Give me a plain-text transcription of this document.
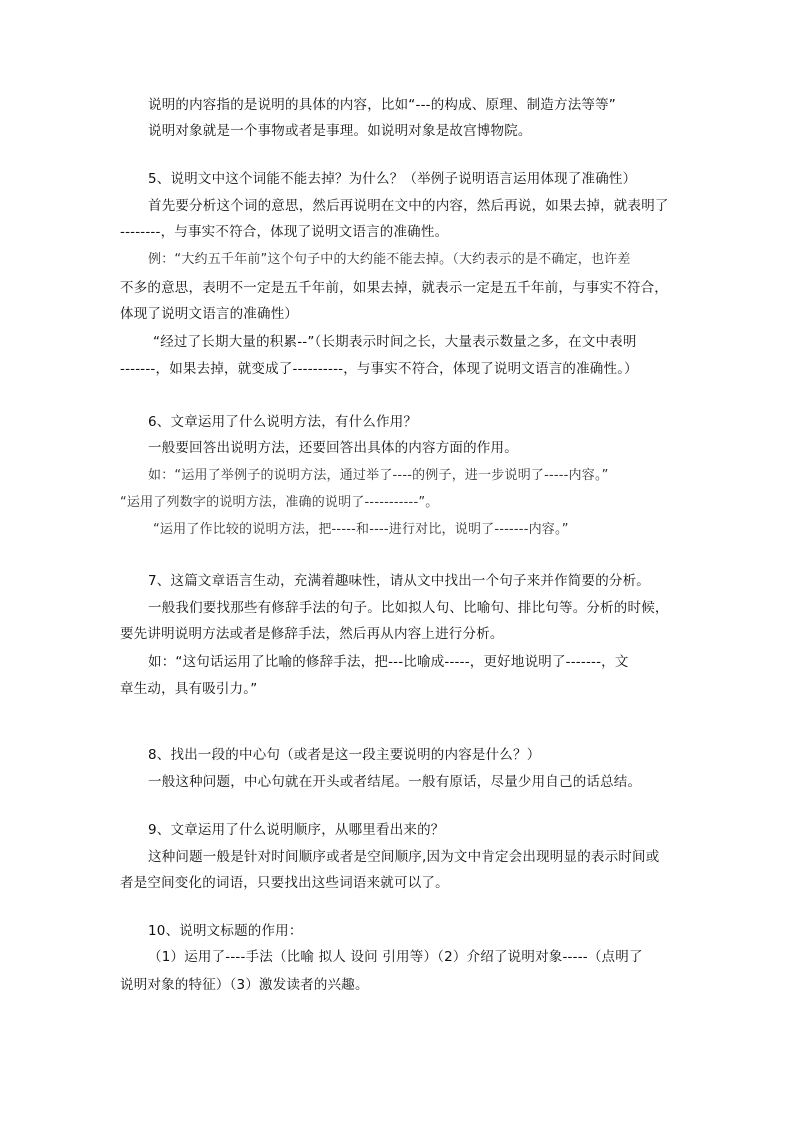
说明的内容指的是说明的具体的内容，比如“---的构成、原理、制造方法等等”
说明对象就是一个事物或者是事理。如说明对象是故宫博物院。
5、说明文中这个词能不能去掉？为什么？（举例子说明语言运用体现了准确性）
首先要分析这个词的意思，然后再说明在文中的内容，然后再说，如果去掉，就表明了
--------，与事实不符合，体现了说明文语言的准确性。
例：“大约五千年前”这个句子中的大约能不能去掉。（大约表示的是不确定，也许差
不多的意思，表明不一定是五千年前，如果去掉，就表示一定是五千年前，与事实不符合，
体现了说明文语言的准确性）
“经过了长期大量的积累--”（长期表示时间之长，大量表示数量之多，在文中表明
-------，如果去掉，就变成了----------，与事实不符合，体现了说明文语言的准确性。）
6、文章运用了什么说明方法，有什么作用？
一般要回答出说明方法，还要回答出具体的内容方面的作用。
如：“运用了举例子的说明方法，通过举了----的例子，进一步说明了-----内容。”
“运用了列数字的说明方法，准确的说明了-----------”。
“运用了作比较的说明方法，把-----和----进行对比，说明了-------内容。”
7、这篇文章语言生动，充满着趣味性，请从文中找出一个句子来并作简要的分析。
一般我们要找那些有修辞手法的句子。比如拟人句、比喻句、排比句等。分析的时候，
要先讲明说明方法或者是修辞手法，然后再从内容上进行分析。
如：“这句话运用了比喻的修辞手法，把---比喻成-----，更好地说明了-------，文
章生动，具有吸引力。”
8、找出一段的中心句（或者是这一段主要说明的内容是什么？）
一般这种问题，中心句就在开头或者结尾。一般有原话，尽量少用自己的话总结。
9、文章运用了什么说明顺序，从哪里看出来的？
这种问题一般是针对时间顺序或者是空间顺序,因为文中肯定会出现明显的表示时间或
者是空间变化的词语，只要找出这些词语来就可以了。
10、说明文标题的作用：
（1）运用了----手法（比喻 拟人 设问 引用等）（2）介绍了说明对象-----（点明了
说明对象的特征）（3）激发读者的兴趣。
